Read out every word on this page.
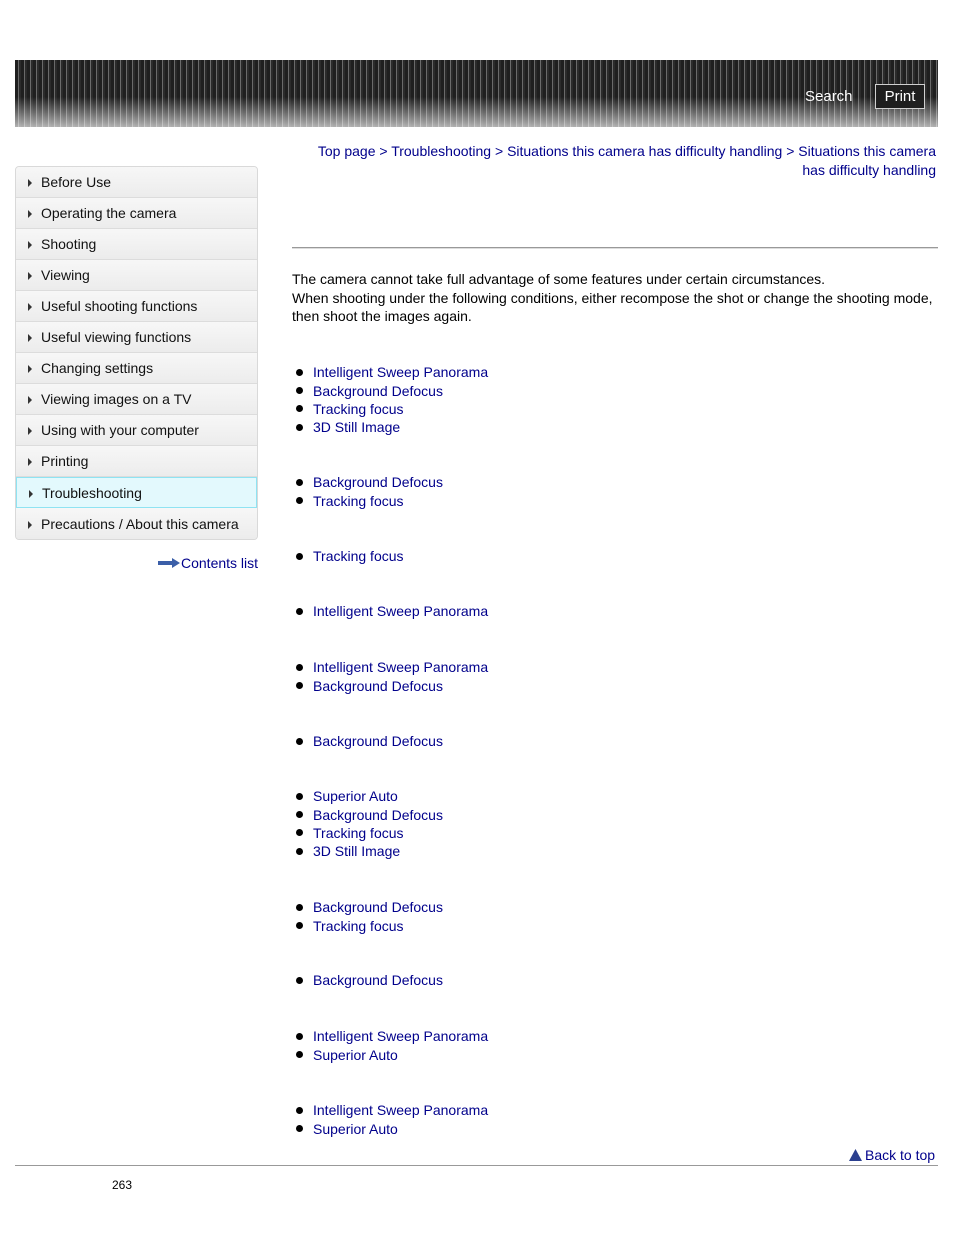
Search	Print
Before Use
Operating the camera
Shooting
Viewing
Useful shooting functions
Useful viewing functions
Changing settings
Viewing images on a TV
Using with your computer
Printing
Troubleshooting
Precautions / About this camera
Contents list
Top page > Troubleshooting > Situations this camera has difficulty handling > Situations this camera has difficulty handling

The camera cannot take full advantage of some features under certain circumstances.

When shooting under the following conditions, either recompose the shot or change the shooting mode, then shoot the images again.

Intelligent Sweep Panorama
Background Defocus
Tracking focus
3D Still Image
Background Defocus
Tracking focus
Tracking focus
Intelligent Sweep Panorama
Intelligent Sweep Panorama
Background Defocus
Background Defocus
Superior Auto
Background Defocus
Tracking focus
3D Still Image
Background Defocus
Tracking focus
Background Defocus
Intelligent Sweep Panorama
Superior Auto
Intelligent Sweep Panorama
Superior Auto
Back to top
263
